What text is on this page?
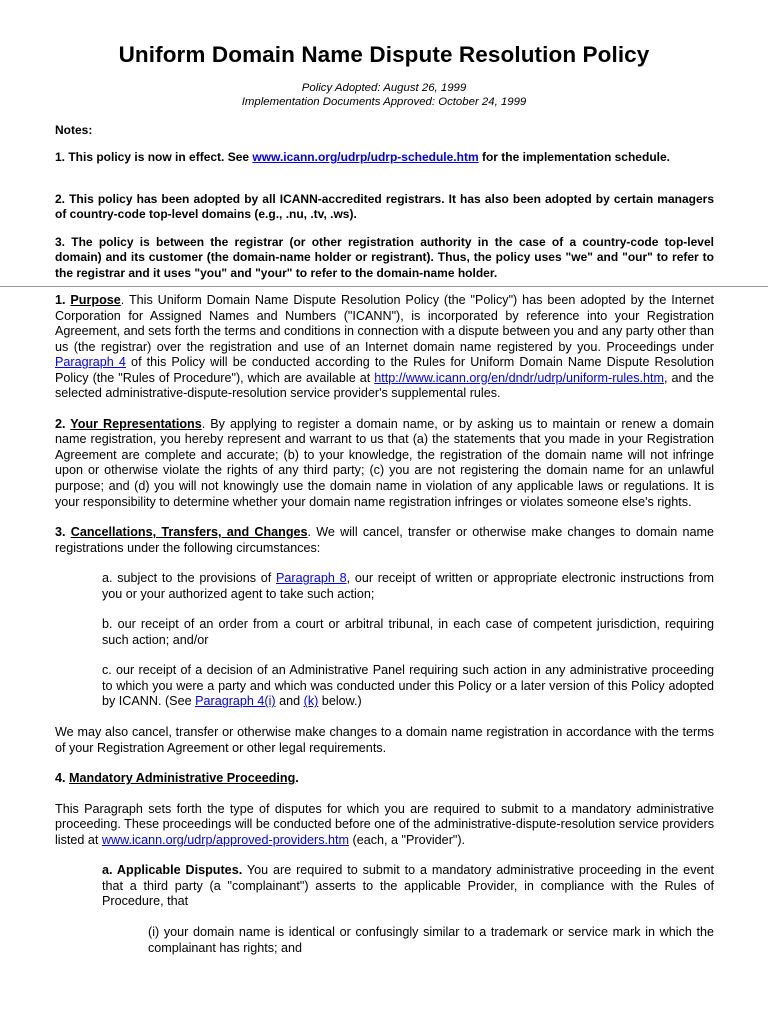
Uniform Domain Name Dispute Resolution Policy
Policy Adopted: August 26, 1999
Implementation Documents Approved: October 24, 1999
Notes:

1. This policy is now in effect. See www.icann.org/udrp/udrp-schedule.htm for the implementation schedule.

2. This policy has been adopted by all ICANN-accredited registrars. It has also been adopted by certain managers of country-code top-level domains (e.g., .nu, .tv, .ws).

3. The policy is between the registrar (or other registration authority in the case of a country-code top-level domain) and its customer (the domain-name holder or registrant). Thus, the policy uses "we" and "our" to refer to the registrar and it uses "you" and "your" to refer to the domain-name holder.

1. Purpose. This Uniform Domain Name Dispute Resolution Policy (the "Policy") has been adopted by the Internet Corporation for Assigned Names and Numbers ("ICANN"), is incorporated by reference into your Registration Agreement, and sets forth the terms and conditions in connection with a dispute between you and any party other than us (the registrar) over the registration and use of an Internet domain name registered by you. Proceedings under Paragraph 4 of this Policy will be conducted according to the Rules for Uniform Domain Name Dispute Resolution Policy (the "Rules of Procedure"), which are available at http://www.icann.org/en/dndr/udrp/uniform-rules.htm, and the selected administrative-dispute-resolution service provider's supplemental rules.

2. Your Representations. By applying to register a domain name, or by asking us to maintain or renew a domain name registration, you hereby represent and warrant to us that (a) the statements that you made in your Registration Agreement are complete and accurate; (b) to your knowledge, the registration of the domain name will not infringe upon or otherwise violate the rights of any third party; (c) you are not registering the domain name for an unlawful purpose; and (d) you will not knowingly use the domain name in violation of any applicable laws or regulations. It is your responsibility to determine whether your domain name registration infringes or violates someone else's rights.

3. Cancellations, Transfers, and Changes. We will cancel, transfer or otherwise make changes to domain name registrations under the following circumstances:

a. subject to the provisions of Paragraph 8, our receipt of written or appropriate electronic instructions from you or your authorized agent to take such action;

b. our receipt of an order from a court or arbitral tribunal, in each case of competent jurisdiction, requiring such action; and/or

c. our receipt of a decision of an Administrative Panel requiring such action in any administrative proceeding to which you were a party and which was conducted under this Policy or a later version of this Policy adopted by ICANN. (See Paragraph 4(i) and (k) below.)

We may also cancel, transfer or otherwise make changes to a domain name registration in accordance with the terms of your Registration Agreement or other legal requirements.

4. Mandatory Administrative Proceeding.

This Paragraph sets forth the type of disputes for which you are required to submit to a mandatory administrative proceeding. These proceedings will be conducted before one of the administrative-dispute-resolution service providers listed at www.icann.org/udrp/approved-providers.htm (each, a "Provider").

a. Applicable Disputes. You are required to submit to a mandatory administrative proceeding in the event that a third party (a "complainant") asserts to the applicable Provider, in compliance with the Rules of Procedure, that

(i) your domain name is identical or confusingly similar to a trademark or service mark in which the complainant has rights; and
